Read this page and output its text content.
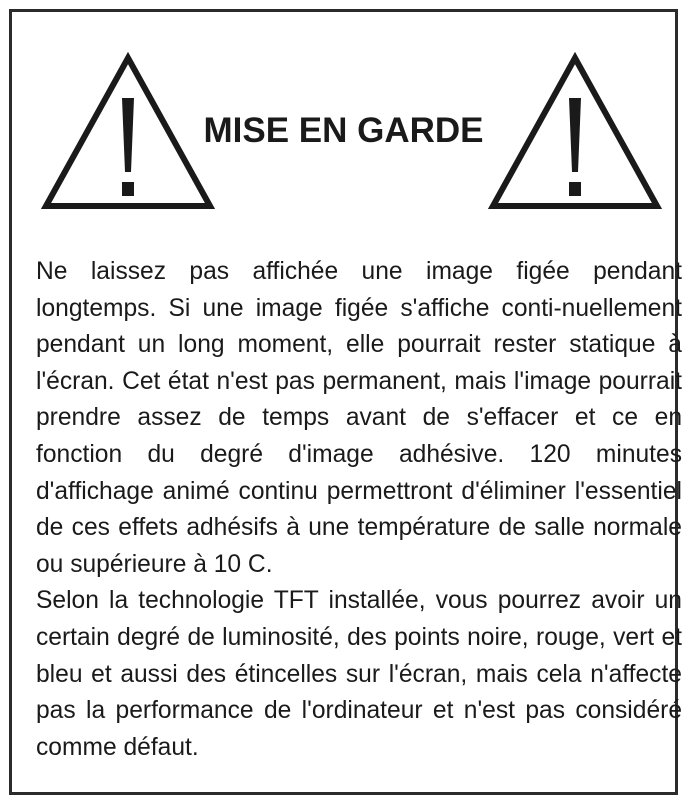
MISE EN GARDE

Ne laissez pas affichée une image figée pendant longtemps. Si une image figée s'affiche conti-nuellement pendant un long moment, elle pourrait rester statique à l'écran. Cet état n'est pas permanent, mais l'image pourrait prendre assez de temps avant de s'effacer et ce en fonction du degré d'image adhésive. 120 minutes d'affichage animé continu permettront d'éliminer l'essentiel de ces effets adhésifs à une température de salle normale ou supérieure à 10 C.

Selon la technologie TFT installée, vous pourrez avoir un certain degré de luminosité, des points noire, rouge, vert et bleu et aussi des étincelles sur l'écran, mais cela n'affecte pas la performance de l'ordinateur et n'est pas considéré comme défaut.
